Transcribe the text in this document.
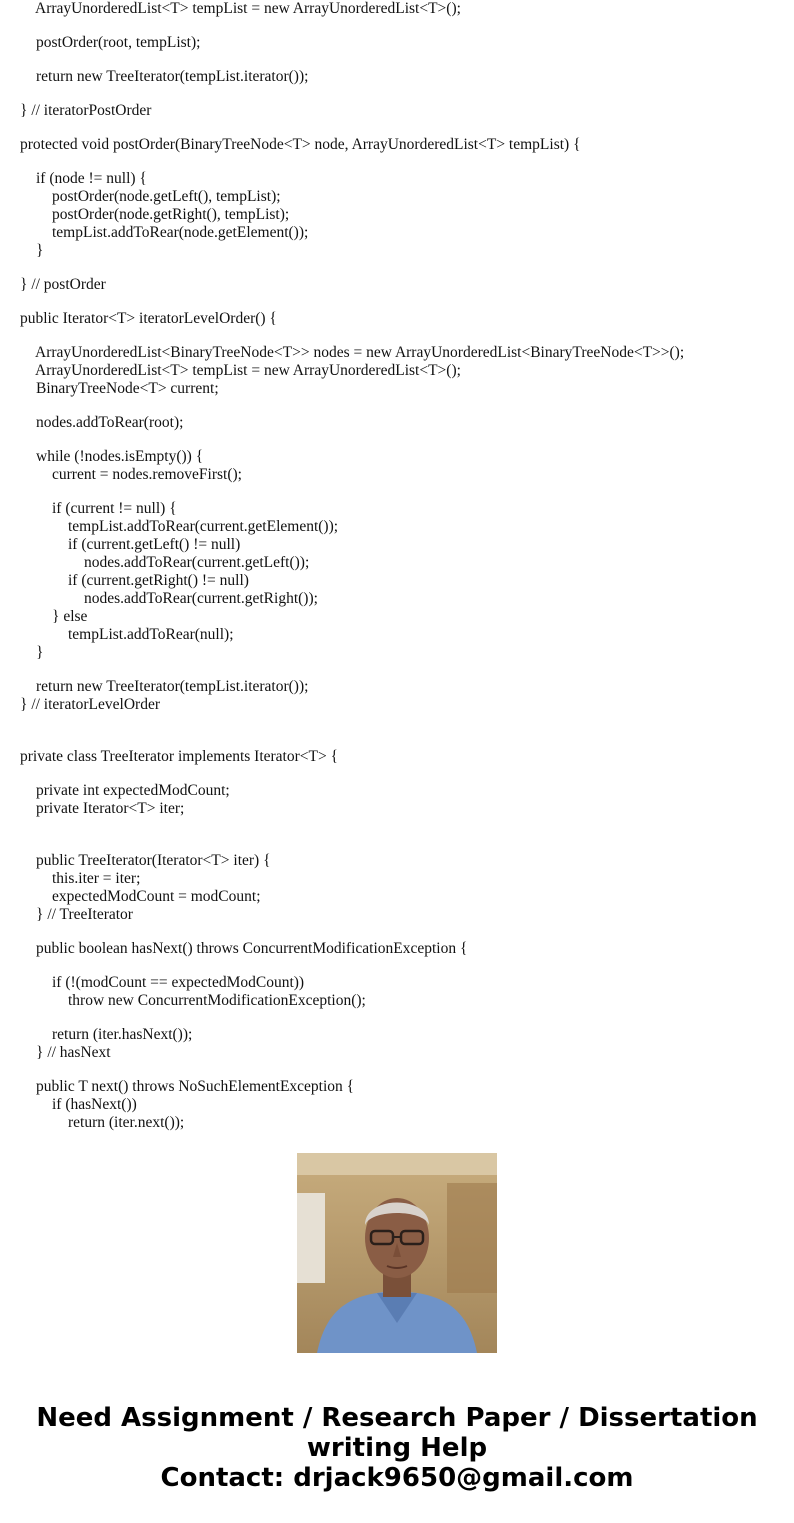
ArrayUnorderedList<T> tempList = new ArrayUnorderedList<T>();
postOrder(root, tempList);
return new TreeIterator(tempList.iterator());
} // iteratorPostOrder
protected void postOrder(BinaryTreeNode<T> node, ArrayUnorderedList<T> tempList) {
if (node != null) {
postOrder(node.getLeft(), tempList);
postOrder(node.getRight(), tempList);
tempList.addToRear(node.getElement());
}
} // postOrder
public Iterator<T> iteratorLevelOrder() {
ArrayUnorderedList<BinaryTreeNode<T>> nodes = new ArrayUnorderedList<BinaryTreeNode<T>>();
ArrayUnorderedList<T> tempList = new ArrayUnorderedList<T>();
BinaryTreeNode<T> current;
nodes.addToRear(root);
while (!nodes.isEmpty()) {
current = nodes.removeFirst();
if (current != null) {
tempList.addToRear(current.getElement());
if (current.getLeft() != null)
nodes.addToRear(current.getLeft());
if (current.getRight() != null)
nodes.addToRear(current.getRight());
} else
tempList.addToRear(null);
}
return new TreeIterator(tempList.iterator());
} // iteratorLevelOrder
private class TreeIterator implements Iterator<T> {
private int expectedModCount;
private Iterator<T> iter;
public TreeIterator(Iterator<T> iter) {
this.iter = iter;
expectedModCount = modCount;
} // TreeIterator
public boolean hasNext() throws ConcurrentModificationException {
if (!(modCount == expectedModCount))
throw new ConcurrentModificationException();
return (iter.hasNext());
} // hasNext
public T next() throws NoSuchElementException {
if (hasNext())
return (iter.next());
Need Assignment / Research Paper / Dissertation
writing Help
Contact: drjack9650@gmail.com
